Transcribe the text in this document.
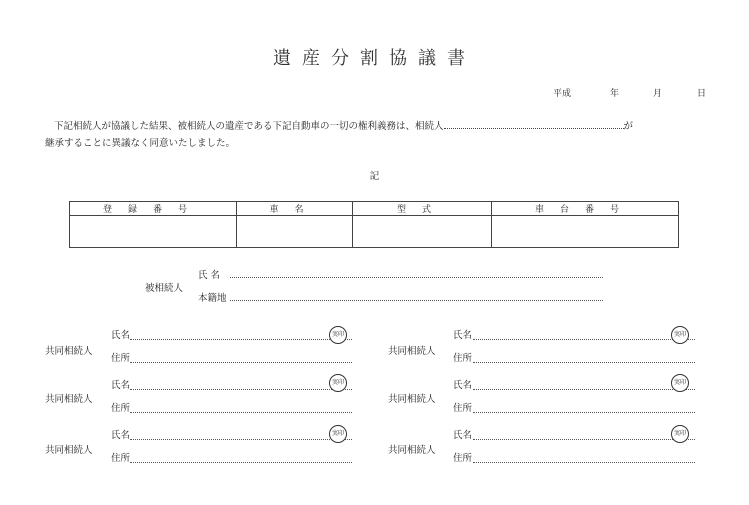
遺産分割協議書
平成	年	月	日
下記相続人が協議した結果、被相続人の遺産である下記自動車の一切の権利義務は、相続人	が
継承することに異議なく同意いたしました。
記
登録番号	車名	型式	車台番号

被相続人
氏 名
本籍地
共同相続人
氏名	実印
住所
共同相続人
氏名	実印
住所
共同相続人
氏名	実印
住所
共同相続人
氏名	実印
住所
共同相続人
氏名	実印
住所
共同相続人
氏名	実印
住所
